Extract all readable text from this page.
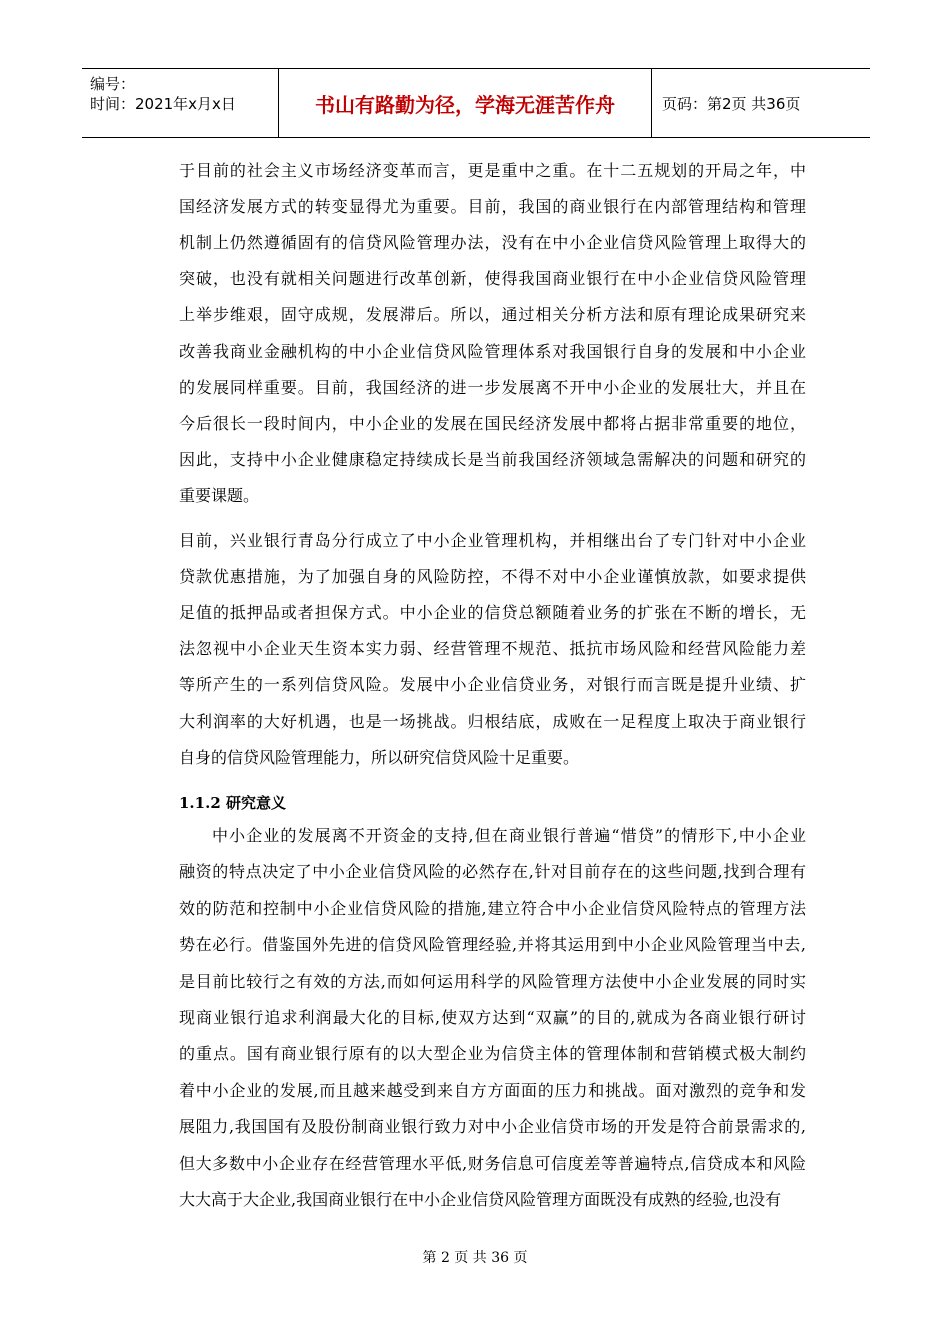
编号：
时间：2021年x月x日	书山有路勤为径，学海无涯苦作舟	页码：第2页 共36页
于目前的社会主义市场经济变革而言，更是重中之重。在十二五规划的开局之年，中
国经济发展方式的转变显得尤为重要。目前，我国的商业银行在内部管理结构和管理
机制上仍然遵循固有的信贷风险管理办法，没有在中小企业信贷风险管理上取得大的
突破，也没有就相关问题进行改革创新，使得我国商业银行在中小企业信贷风险管理
上举步维艰，固守成规，发展滞后。所以，通过相关分析方法和原有理论成果研究来
改善我商业金融机构的中小企业信贷风险管理体系对我国银行自身的发展和中小企业
的发展同样重要。目前，我国经济的进一步发展离不开中小企业的发展壮大，并且在
今后很长一段时间内，中小企业的发展在国民经济发展中都将占据非常重要的地位，
因此，支持中小企业健康稳定持续成长是当前我国经济领域急需解决的问题和研究的
重要课题。
目前，兴业银行青岛分行成立了中小企业管理机构，并相继出台了专门针对中小企业
贷款优惠措施，为了加强自身的风险防控，不得不对中小企业谨慎放款，如要求提供
足值的抵押品或者担保方式。中小企业的信贷总额随着业务的扩张在不断的增长，无
法忽视中小企业天生资本实力弱、经营管理不规范、抵抗市场风险和经营风险能力差
等所产生的一系列信贷风险。发展中小企业信贷业务，对银行而言既是提升业绩、扩
大利润率的大好机遇，也是一场挑战。归根结底，成败在一足程度上取决于商业银行
自身的信贷风险管理能力，所以研究信贷风险十足重要。
1.1.2 研究意义
中小企业的发展离不开资金的支持,但在商业银行普遍“惜贷”的情形下,中小企业
融资的特点决定了中小企业信贷风险的必然存在,针对目前存在的这些问题,找到合理有
效的防范和控制中小企业信贷风险的措施,建立符合中小企业信贷风险特点的管理方法
势在必行。借鉴国外先进的信贷风险管理经验,并将其运用到中小企业风险管理当中去,
是目前比较行之有效的方法,而如何运用科学的风险管理方法使中小企业发展的同时实
现商业银行追求利润最大化的目标,使双方达到“双赢”的目的,就成为各商业银行研讨
的重点。国有商业银行原有的以大型企业为信贷主体的管理体制和营销模式极大制约
着中小企业的发展,而且越来越受到来自方方面面的压力和挑战。面对激烈的竞争和发
展阻力,我国国有及股份制商业银行致力对中小企业信贷市场的开发是符合前景需求的,
但大多数中小企业存在经营管理水平低,财务信息可信度差等普遍特点,信贷成本和风险
大大高于大企业,我国商业银行在中小企业信贷风险管理方面既没有成熟的经验,也没有
第 2 页 共 36 页
